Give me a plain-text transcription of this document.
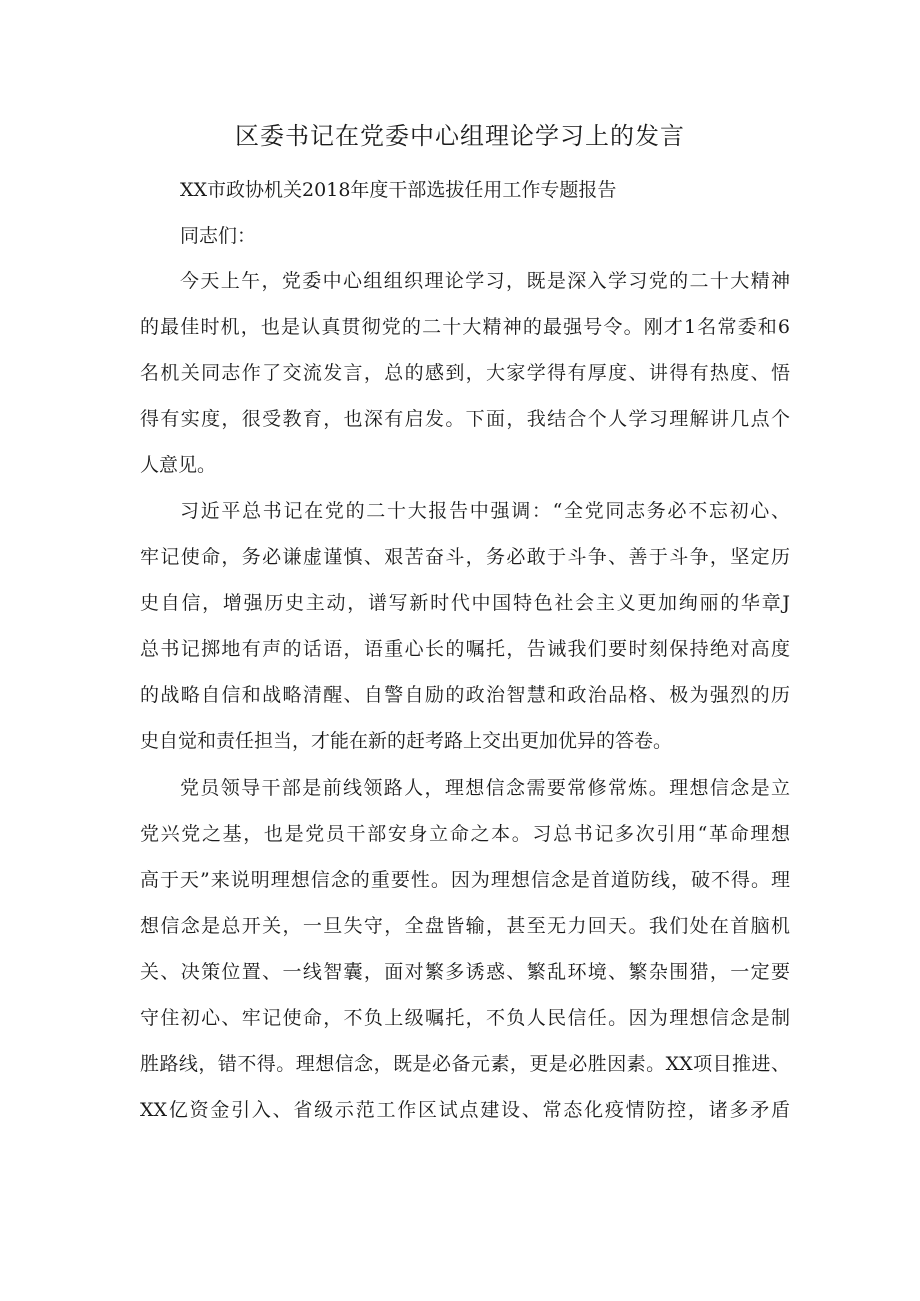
区委书记在党委中心组理论学习上的发言

XX市政协机关2018年度干部选拔任用工作专题报告

同志们：

今天上午，党委中心组组织理论学习，既是深入学习党的二十大精神

的最佳时机，也是认真贯彻党的二十大精神的最强号令。刚才1名常委和6

名机关同志作了交流发言，总的感到，大家学得有厚度、讲得有热度、悟

得有实度，很受教育，也深有启发。下面，我结合个人学习理解讲几点个

人意见。

习近平总书记在党的二十大报告中强调：“全党同志务必不忘初心、

牢记使命，务必谦虚谨慎、艰苦奋斗，务必敢于斗争、善于斗争，坚定历

史自信，增强历史主动，谱写新时代中国特色社会主义更加绚丽的华章J

总书记掷地有声的话语，语重心长的嘱托，告诫我们要时刻保持绝对高度

的战略自信和战略清醒、自警自励的政治智慧和政治品格、极为强烈的历

史自觉和责任担当，才能在新的赶考路上交出更加优异的答卷。

党员领导干部是前线领路人，理想信念需要常修常炼。理想信念是立

党兴党之基，也是党员干部安身立命之本。习总书记多次引用“革命理想

高于天”来说明理想信念的重要性。因为理想信念是首道防线，破不得。理

想信念是总开关，一旦失守，全盘皆输，甚至无力回天。我们处在首脑机

关、决策位置、一线智囊，面对繁多诱惑、繁乱环境、繁杂围猎，一定要

守住初心、牢记使命，不负上级嘱托，不负人民信任。因为理想信念是制

胜路线，错不得。理想信念，既是必备元素，更是必胜因素。XX项目推进、

XX亿资金引入、省级示范工作区试点建设、常态化疫情防控，诸多矛盾
